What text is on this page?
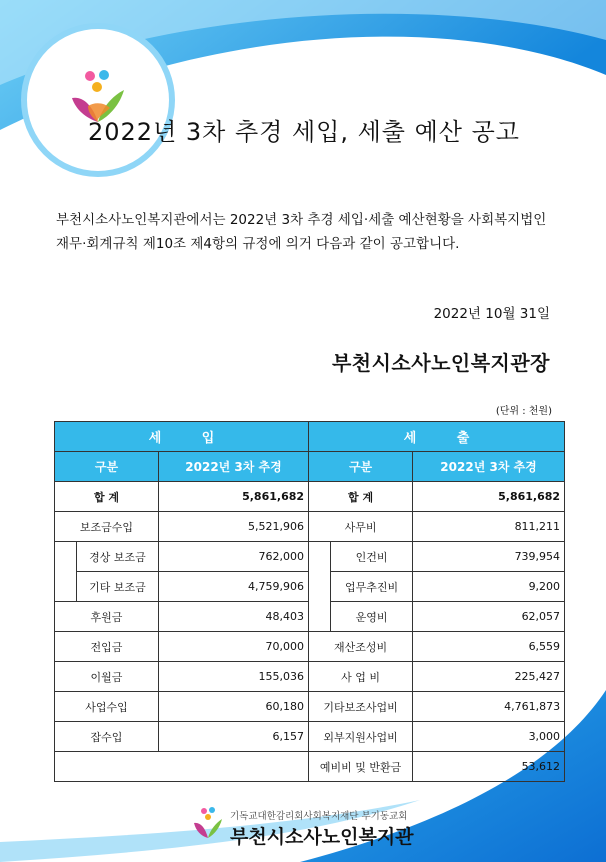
2022년 3차 추경 세입, 세출 예산 공고

부천시소사노인복지관에서는 2022년 3차 추경 세입·세출 예산현황을 사회복지법인 재무·회계규칙 제10조 제4항의 규정에 의거 다음과 같이 공고합니다.

2022년 10월 31일

부천시소사노인복지관장

(단위 : 천원)

세 입			세 출		
구분		2022년 3차 추경	구분		2022년 3차 추경
합 계		5,861,682	합 계		5,861,682
보조금수입		5,521,906	사무비		811,211
	경상 보조금	762,000		인건비	739,954
	기타 보조금	4,759,906		업무추진비	9,200
후원금		48,403		운영비	62,057
전입금		70,000	재산조성비		6,559
이월금		155,036	사 업 비		225,427
사업수입		60,180	기타보조사업비		4,761,873
잡수입		6,157	외부지원사업비		3,000
			예비비 및 반환금		53,612

기독교대한감리회사회복지재단 부기동교회

부천시소사노인복지관
